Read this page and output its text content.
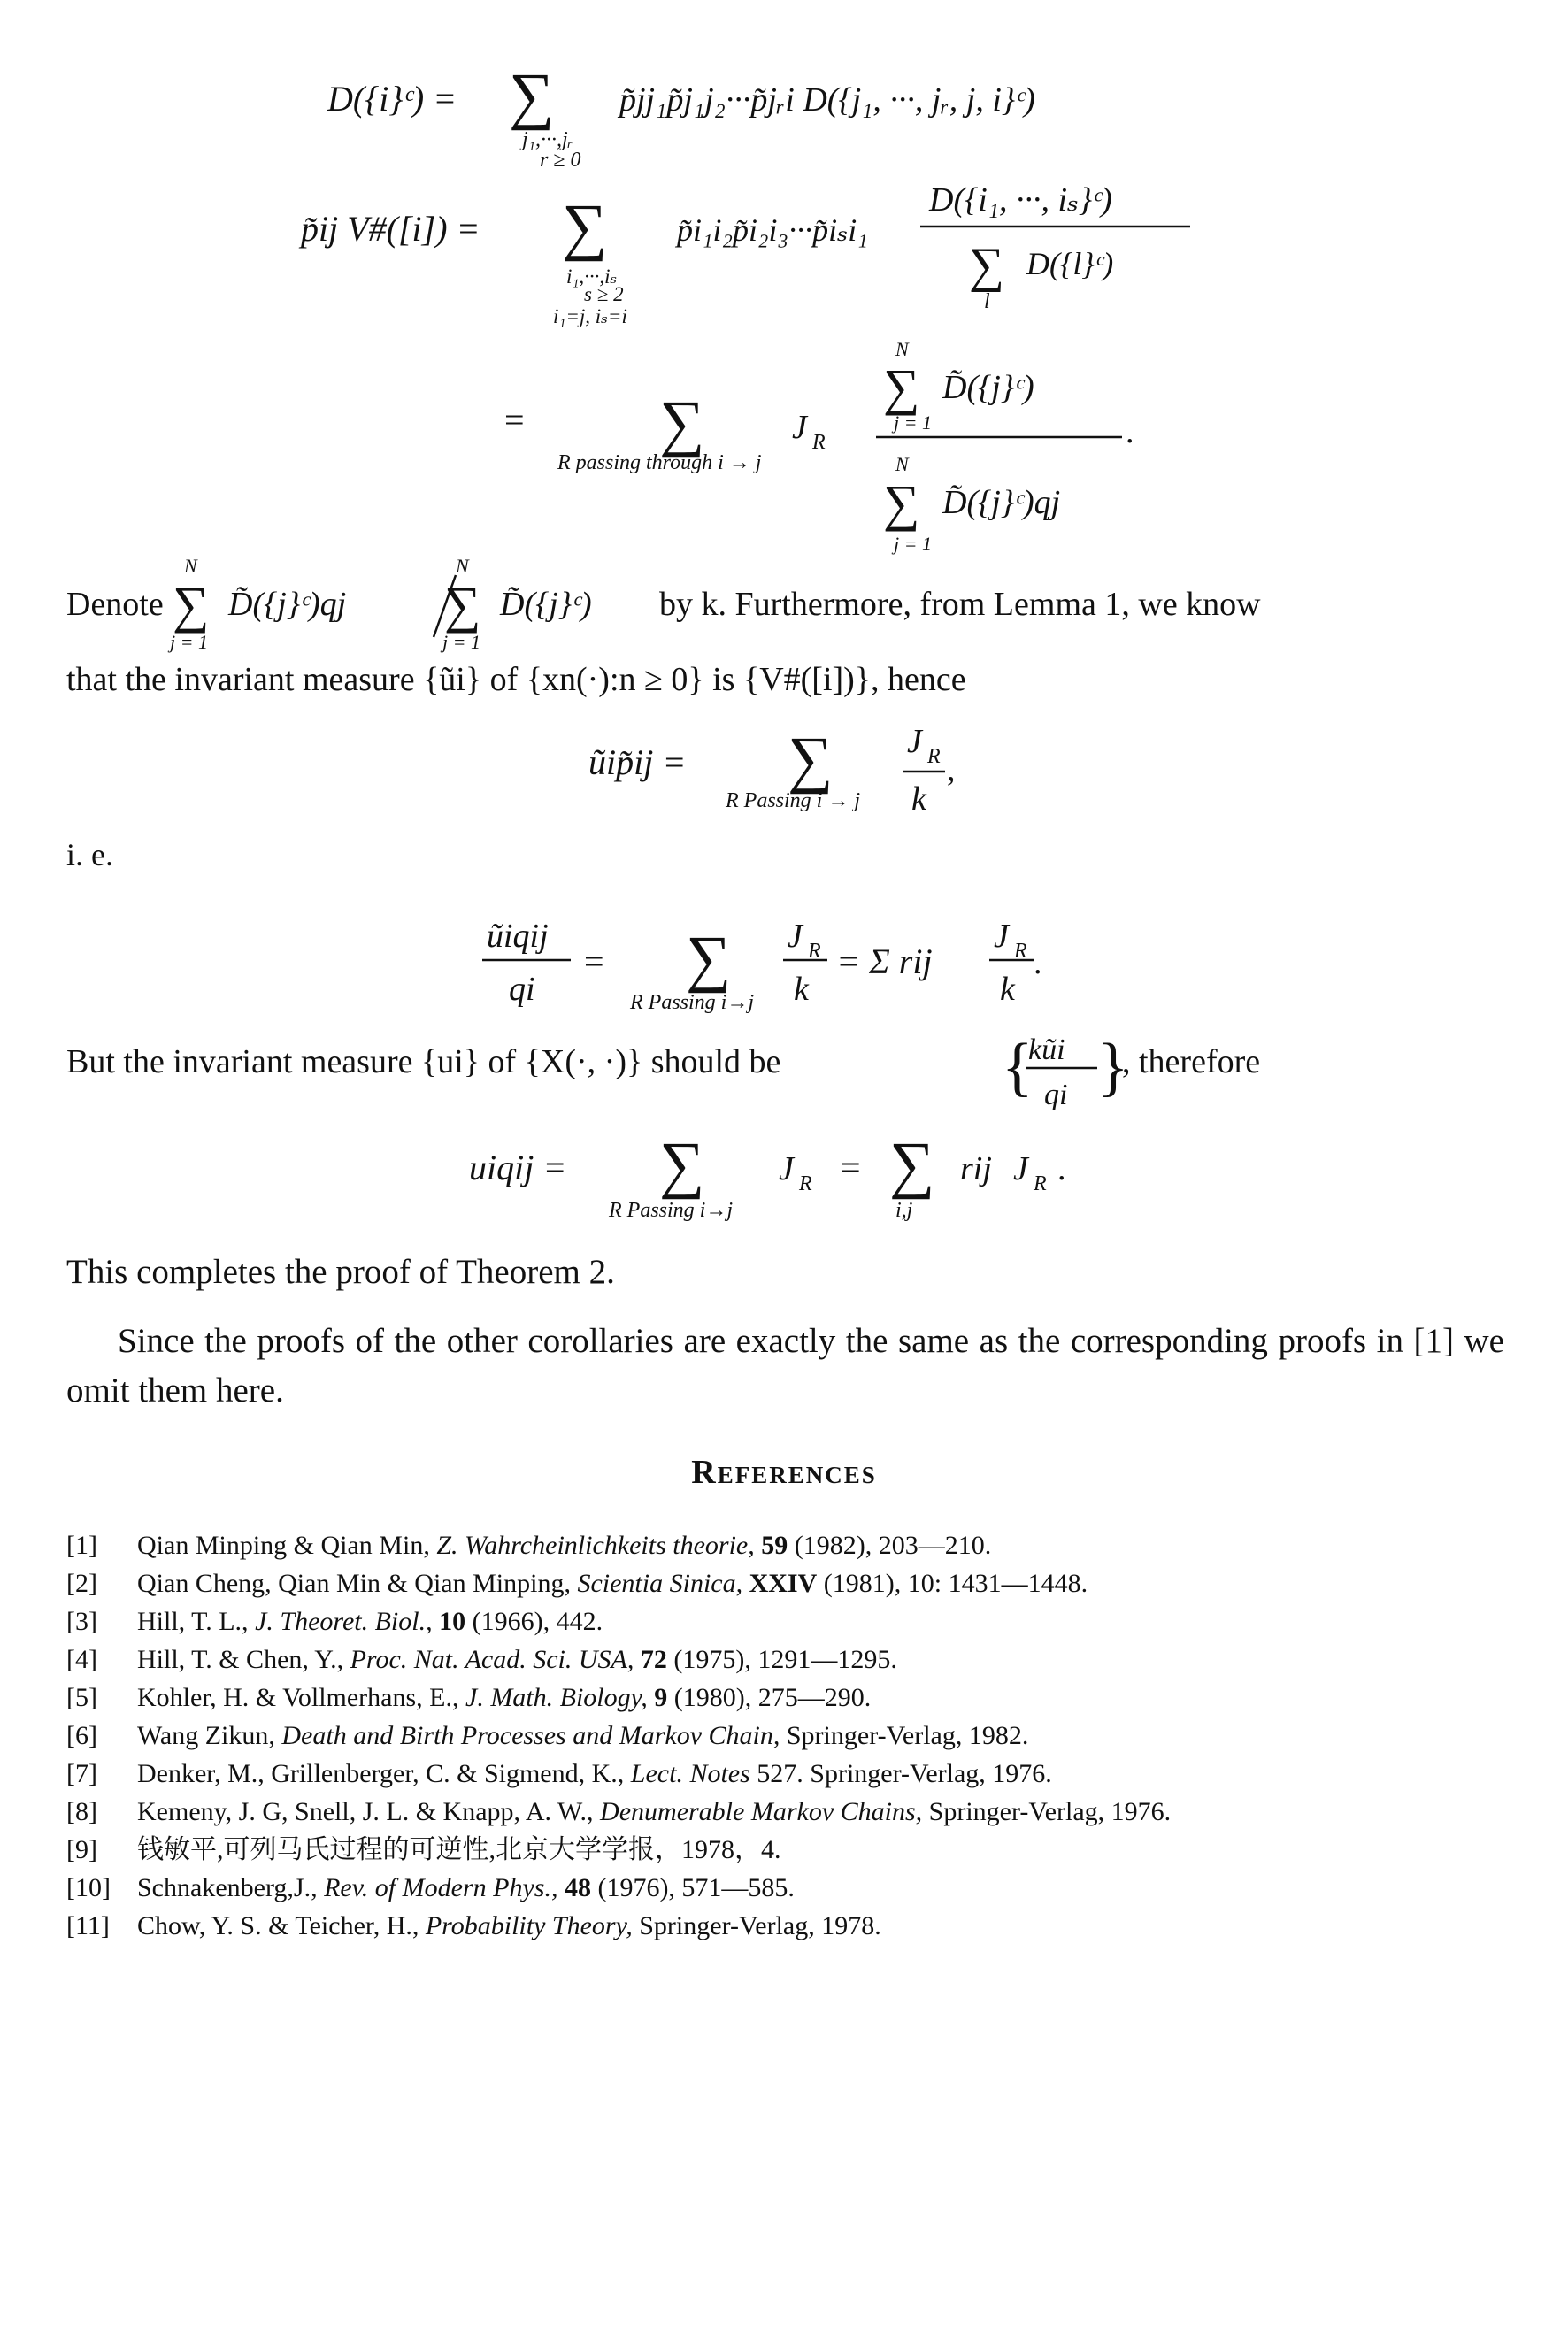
D({i}ᶜ) = ∑ p̃jj₁p̃j₁j₂···p̃jᵣi D({j₁, ···, jᵣ, j, i}ᶜ)
j₁,···,jᵣ
r ≥ 0
p̃ij V#([i]) = ∑ p̃i₁i₂p̃i₂i₃···p̃iₛi₁
D({i₁, ···, iₛ}ᶜ)
∑ D({l}ᶜ)
l
i₁,···,iₛ
s ≥ 2
i₁=j, iₛ=i
= ∑
R passing through i → j
J R
N
∑
j = 1
D̃({j}ᶜ)
N
∑
j = 1
D̃({j}ᶜ)qj
.
Denote
N
∑
j = 1
D̃({j}ᶜ)qj
N
∑
j = 1
D̃({j}ᶜ) by k. Furthermore, from Lemma 1, we know
that the invariant measure {ũi} of {xn(·):n ≥ 0} is {V#([i])}, hence
ũip̃ij = ∑
R Passing i → j
J R
k
,
i. e.
ũiqij
qi
= ∑
R Passing i→j
J R
k
= Σ rij
J R
k
.
But the invariant measure {ui} of {X(·, ·)} should be	{
kũi
qi }
, therefore
uiqij = ∑
R Passing i→j
J R = ∑
i,j
rij J R .

This completes the proof of Theorem 2.

Since the proofs of the other corollaries are exactly the same as the corresponding proofs in [1] we omit them here.

References
[1]	Qian Minping & Qian Min, Z. Wahrcheinlichkeits theorie, 59 (1982), 203—210.
[2]	Qian Cheng, Qian Min & Qian Minping, Scientia Sinica, XXIV (1981), 10: 1431—1448.
[3]	Hill, T. L., J. Theoret. Biol., 10 (1966), 442.
[4]	Hill, T. & Chen, Y., Proc. Nat. Acad. Sci. USA, 72 (1975), 1291—1295.
[5]	Kohler, H. & Vollmerhans, E., J. Math. Biology, 9 (1980), 275—290.
[6]	Wang Zikun, Death and Birth Processes and Markov Chain, Springer-Verlag, 1982.
[7]	Denker, M., Grillenberger, C. & Sigmend, K., Lect. Notes 527. Springer-Verlag, 1976.
[8]	Kemeny, J. G, Snell, J. L. & Knapp, A. W., Denumerable Markov Chains, Springer-Verlag, 1976.
[9]	钱敏平,可列马氏过程的可逆性,北京大学学报，1978，4.
[10]	Schnakenberg,J., Rev. of Modern Phys., 48 (1976), 571—585.
[11]	Chow, Y. S. & Teicher, H., Probability Theory, Springer-Verlag, 1978.
